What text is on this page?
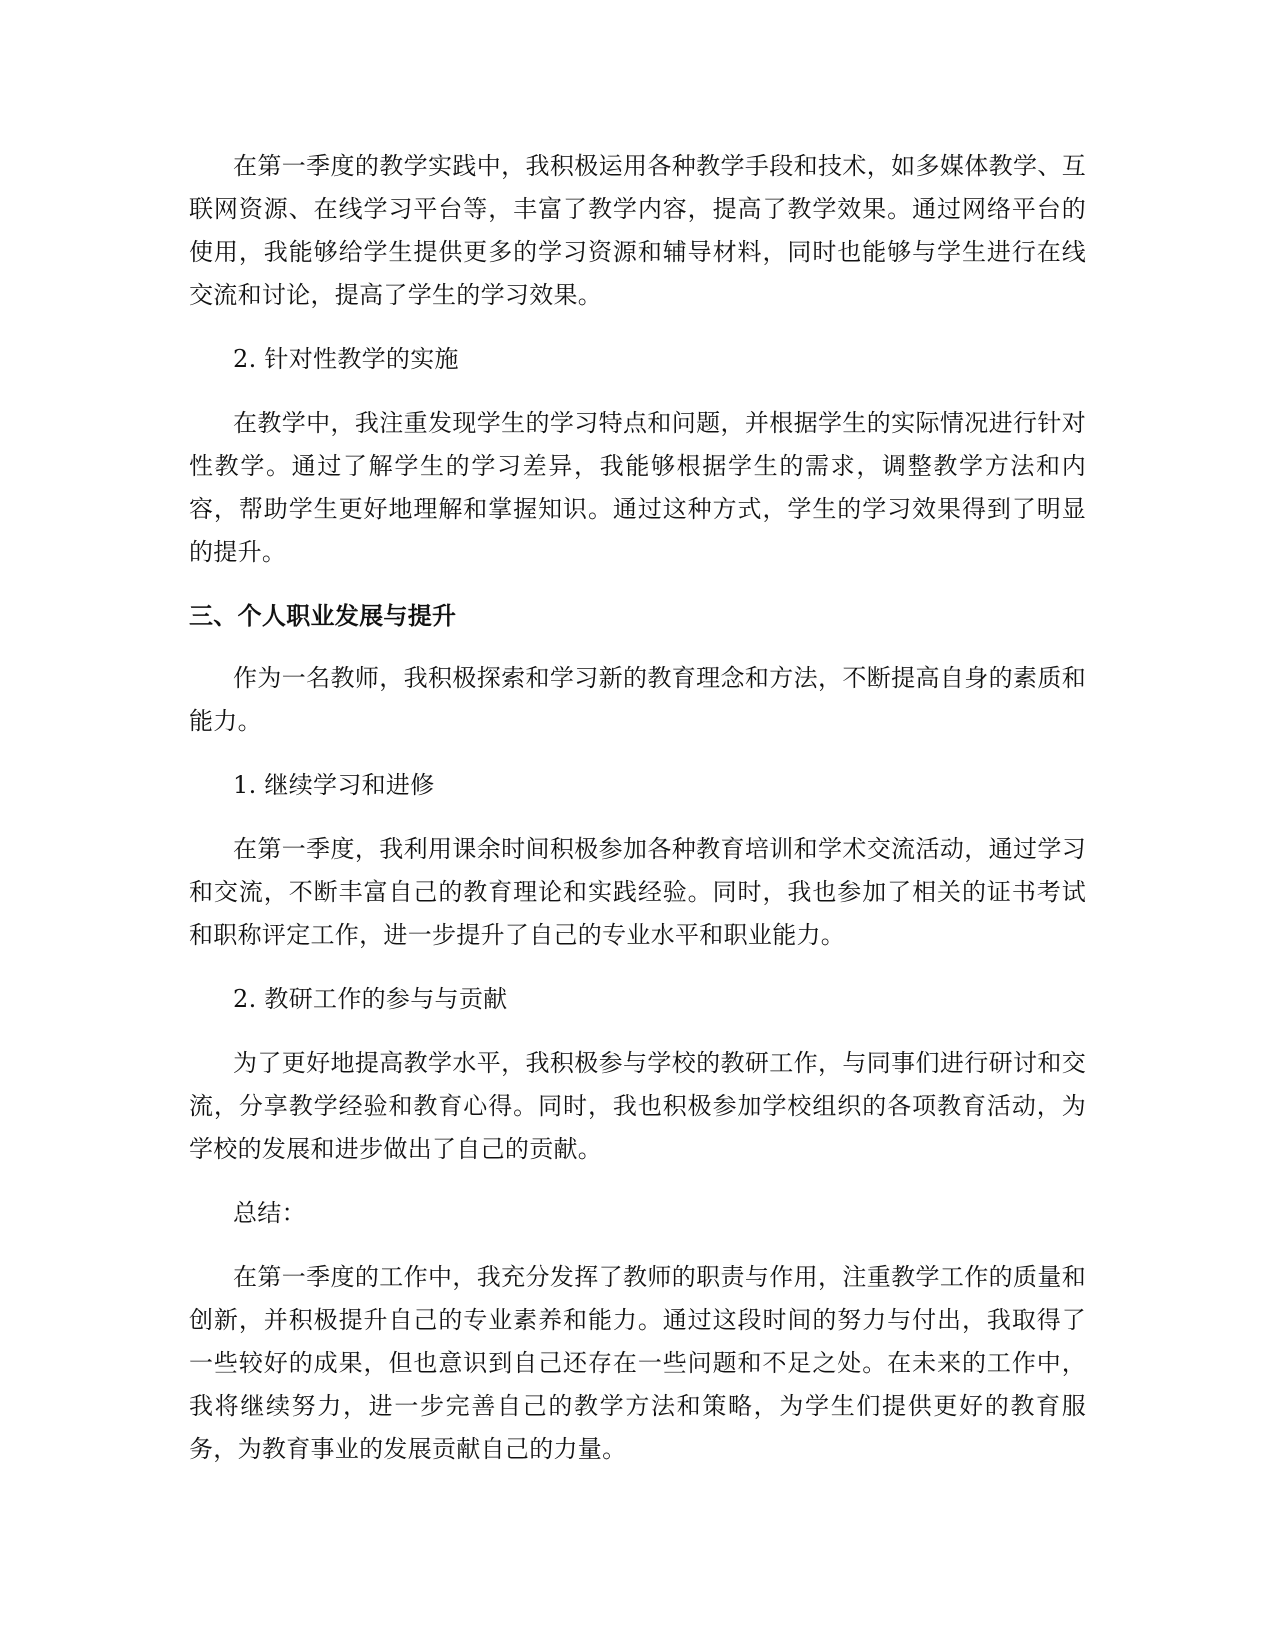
在第一季度的教学实践中，我积极运用各种教学手段和技术，如多媒体教学、互联网资源、在线学习平台等，丰富了教学内容，提高了教学效果。通过网络平台的使用，我能够给学生提供更多的学习资源和辅导材料，同时也能够与学生进行在线交流和讨论，提高了学生的学习效果。

2. 针对性教学的实施

在教学中，我注重发现学生的学习特点和问题，并根据学生的实际情况进行针对性教学。通过了解学生的学习差异，我能够根据学生的需求，调整教学方法和内容，帮助学生更好地理解和掌握知识。通过这种方式，学生的学习效果得到了明显的提升。

三、个人职业发展与提升

作为一名教师，我积极探索和学习新的教育理念和方法，不断提高自身的素质和能力。

1. 继续学习和进修

在第一季度，我利用课余时间积极参加各种教育培训和学术交流活动，通过学习和交流，不断丰富自己的教育理论和实践经验。同时，我也参加了相关的证书考试和职称评定工作，进一步提升了自己的专业水平和职业能力。

2. 教研工作的参与与贡献

为了更好地提高教学水平，我积极参与学校的教研工作，与同事们进行研讨和交流，分享教学经验和教育心得。同时，我也积极参加学校组织的各项教育活动，为学校的发展和进步做出了自己的贡献。

总结：

在第一季度的工作中，我充分发挥了教师的职责与作用，注重教学工作的质量和创新，并积极提升自己的专业素养和能力。通过这段时间的努力与付出，我取得了一些较好的成果，但也意识到自己还存在一些问题和不足之处。在未来的工作中，我将继续努力，进一步完善自己的教学方法和策略，为学生们提供更好的教育服务，为教育事业的发展贡献自己的力量。
